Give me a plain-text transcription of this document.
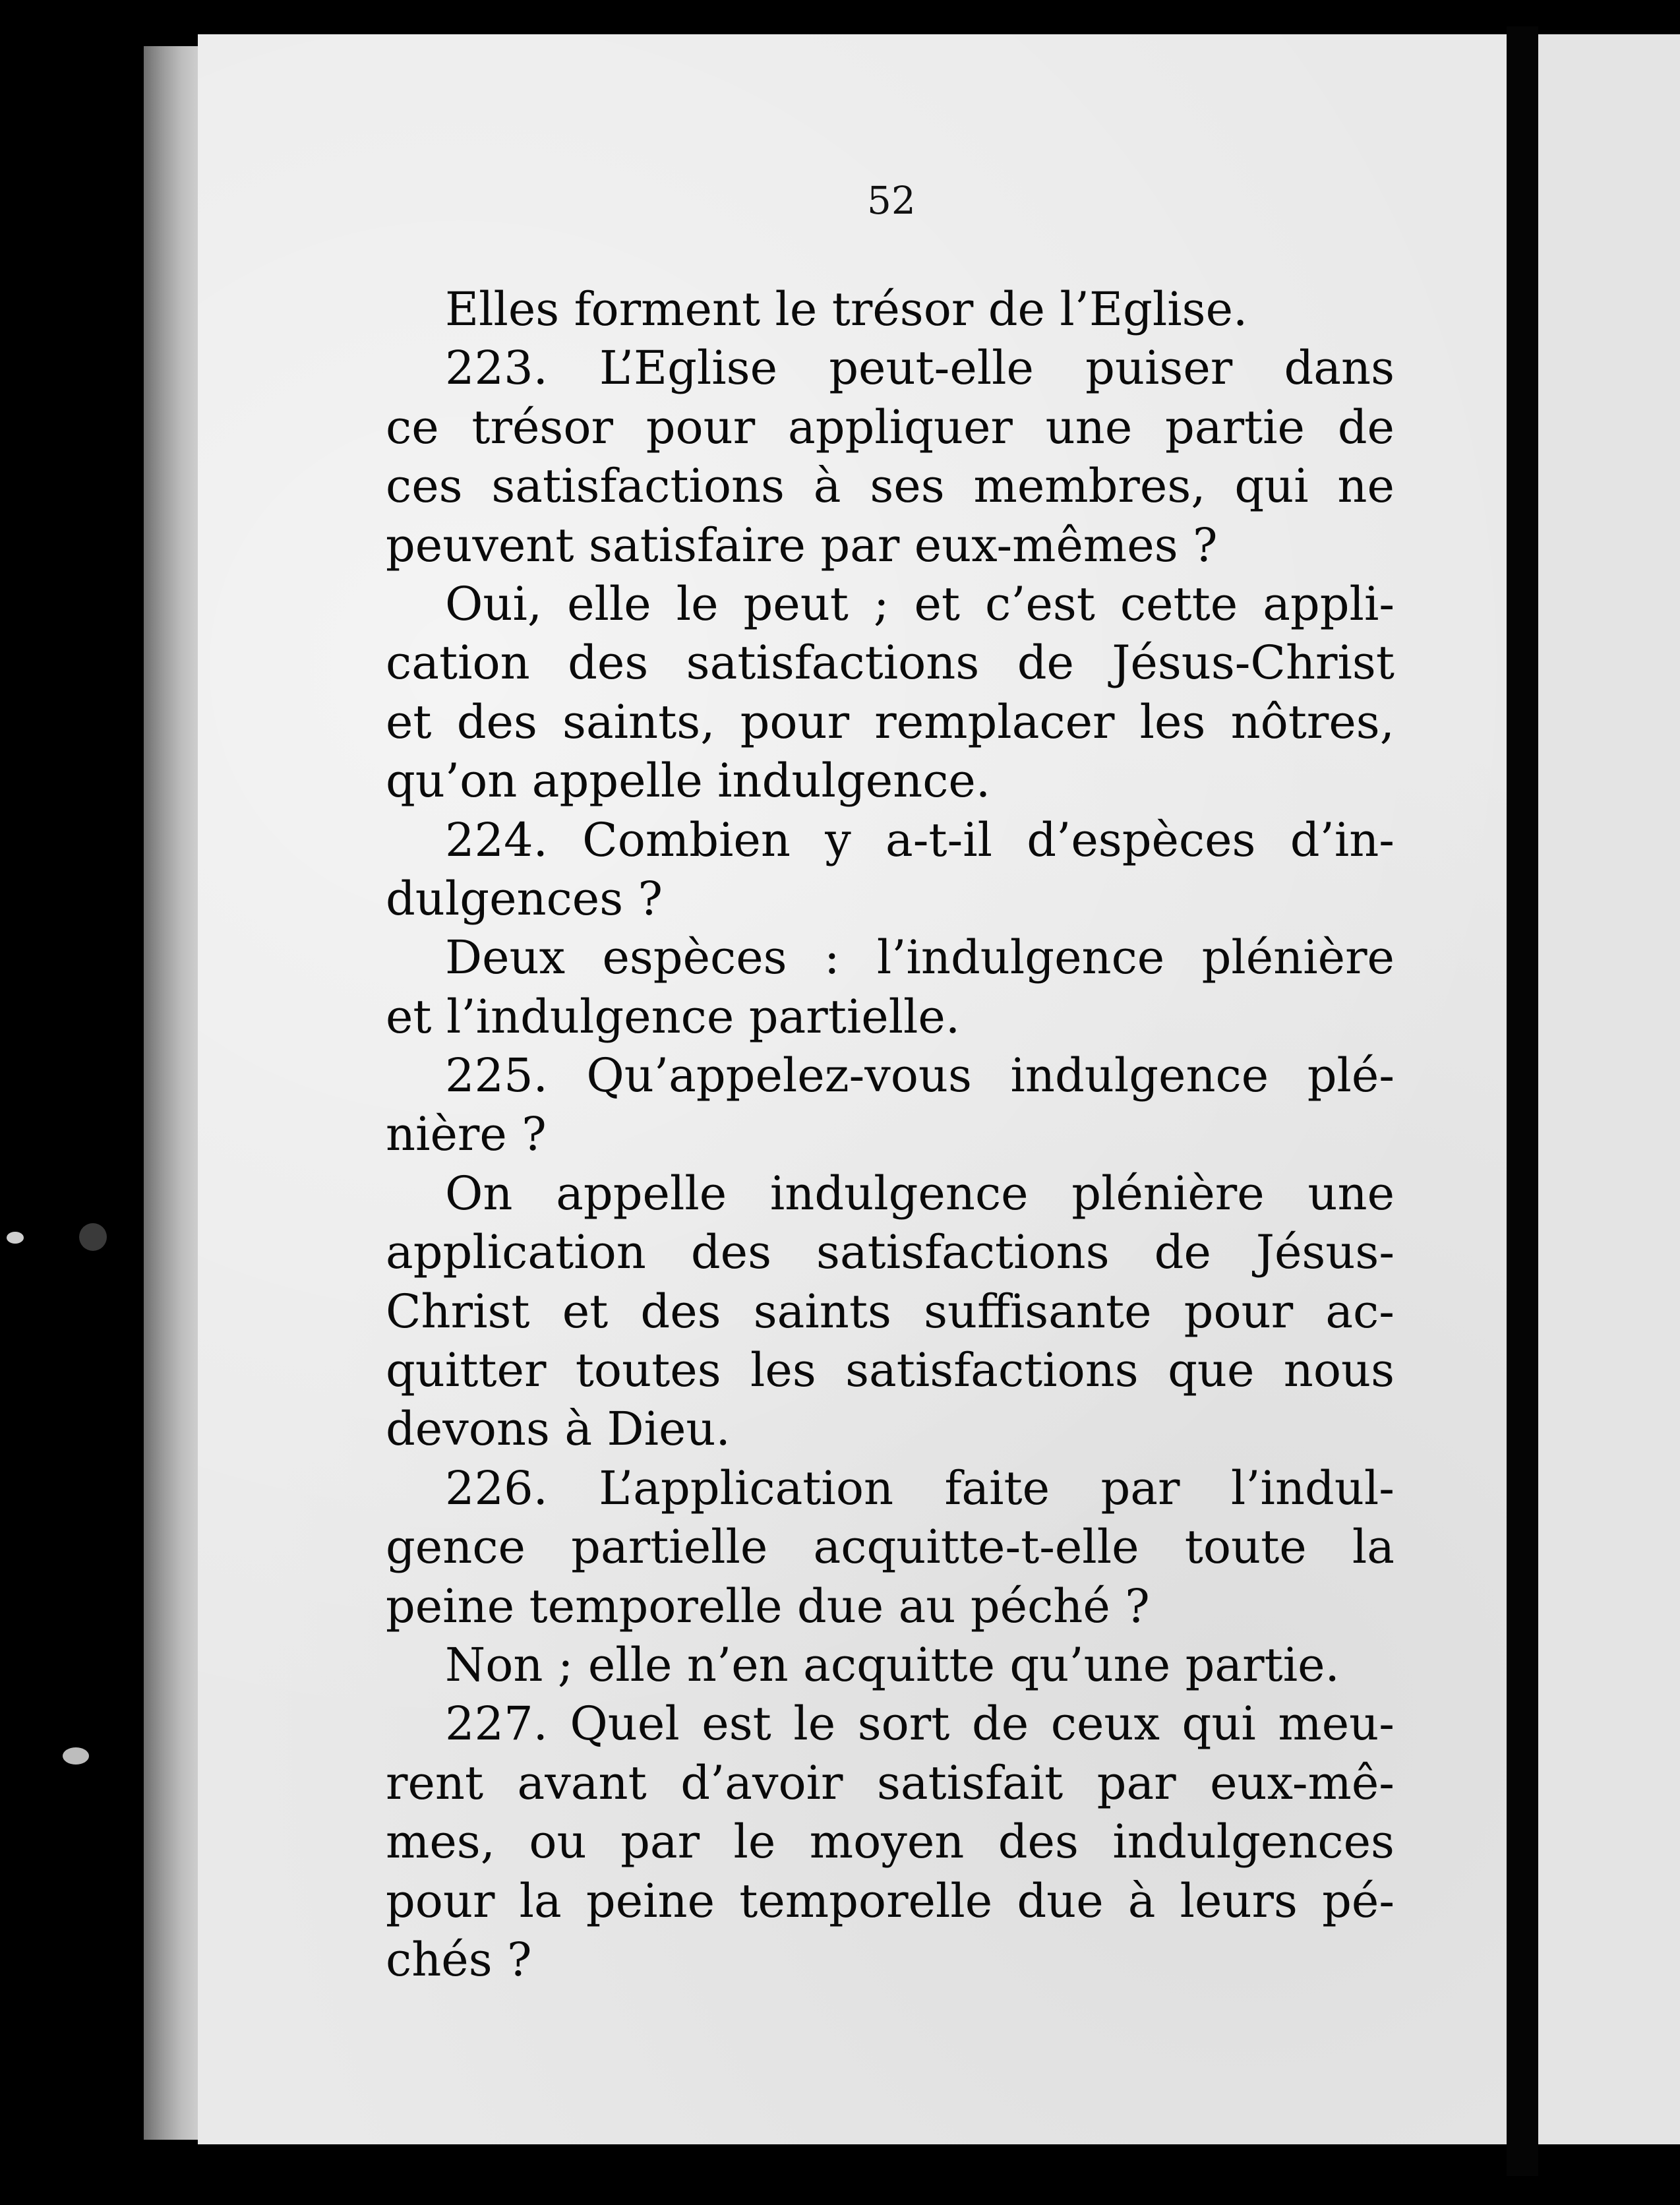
52
Elles forment le trésor de l’Eglise.
223. L’Eglise peut-elle puiser dans
ce trésor pour appliquer une partie de
ces satisfactions à ses membres, qui ne
peuvent satisfaire par eux-mêmes ?
Oui, elle le peut ; et c’est cette appli-
cation des satisfactions de Jésus-Christ
et des saints, pour remplacer les nôtres,
qu’on appelle indulgence.
224. Combien y a-t-il d’espèces d’in-
dulgences ?
Deux espèces : l’indulgence plénière
et l’indulgence partielle.
225. Qu’appelez-vous indulgence plé-
nière ?
On appelle indulgence plénière une
application des satisfactions de Jésus-
Christ et des saints suffisante pour ac-
quitter toutes les satisfactions que nous
devons à Dieu.
226. L’application faite par l’indul-
gence partielle acquitte-t-elle toute la
peine temporelle due au péché ?
Non ; elle n’en acquitte qu’une partie.
227. Quel est le sort de ceux qui meu-
rent avant d’avoir satisfait par eux-mê-
mes, ou par le moyen des indulgences
pour la peine temporelle due à leurs pé-
chés ?
